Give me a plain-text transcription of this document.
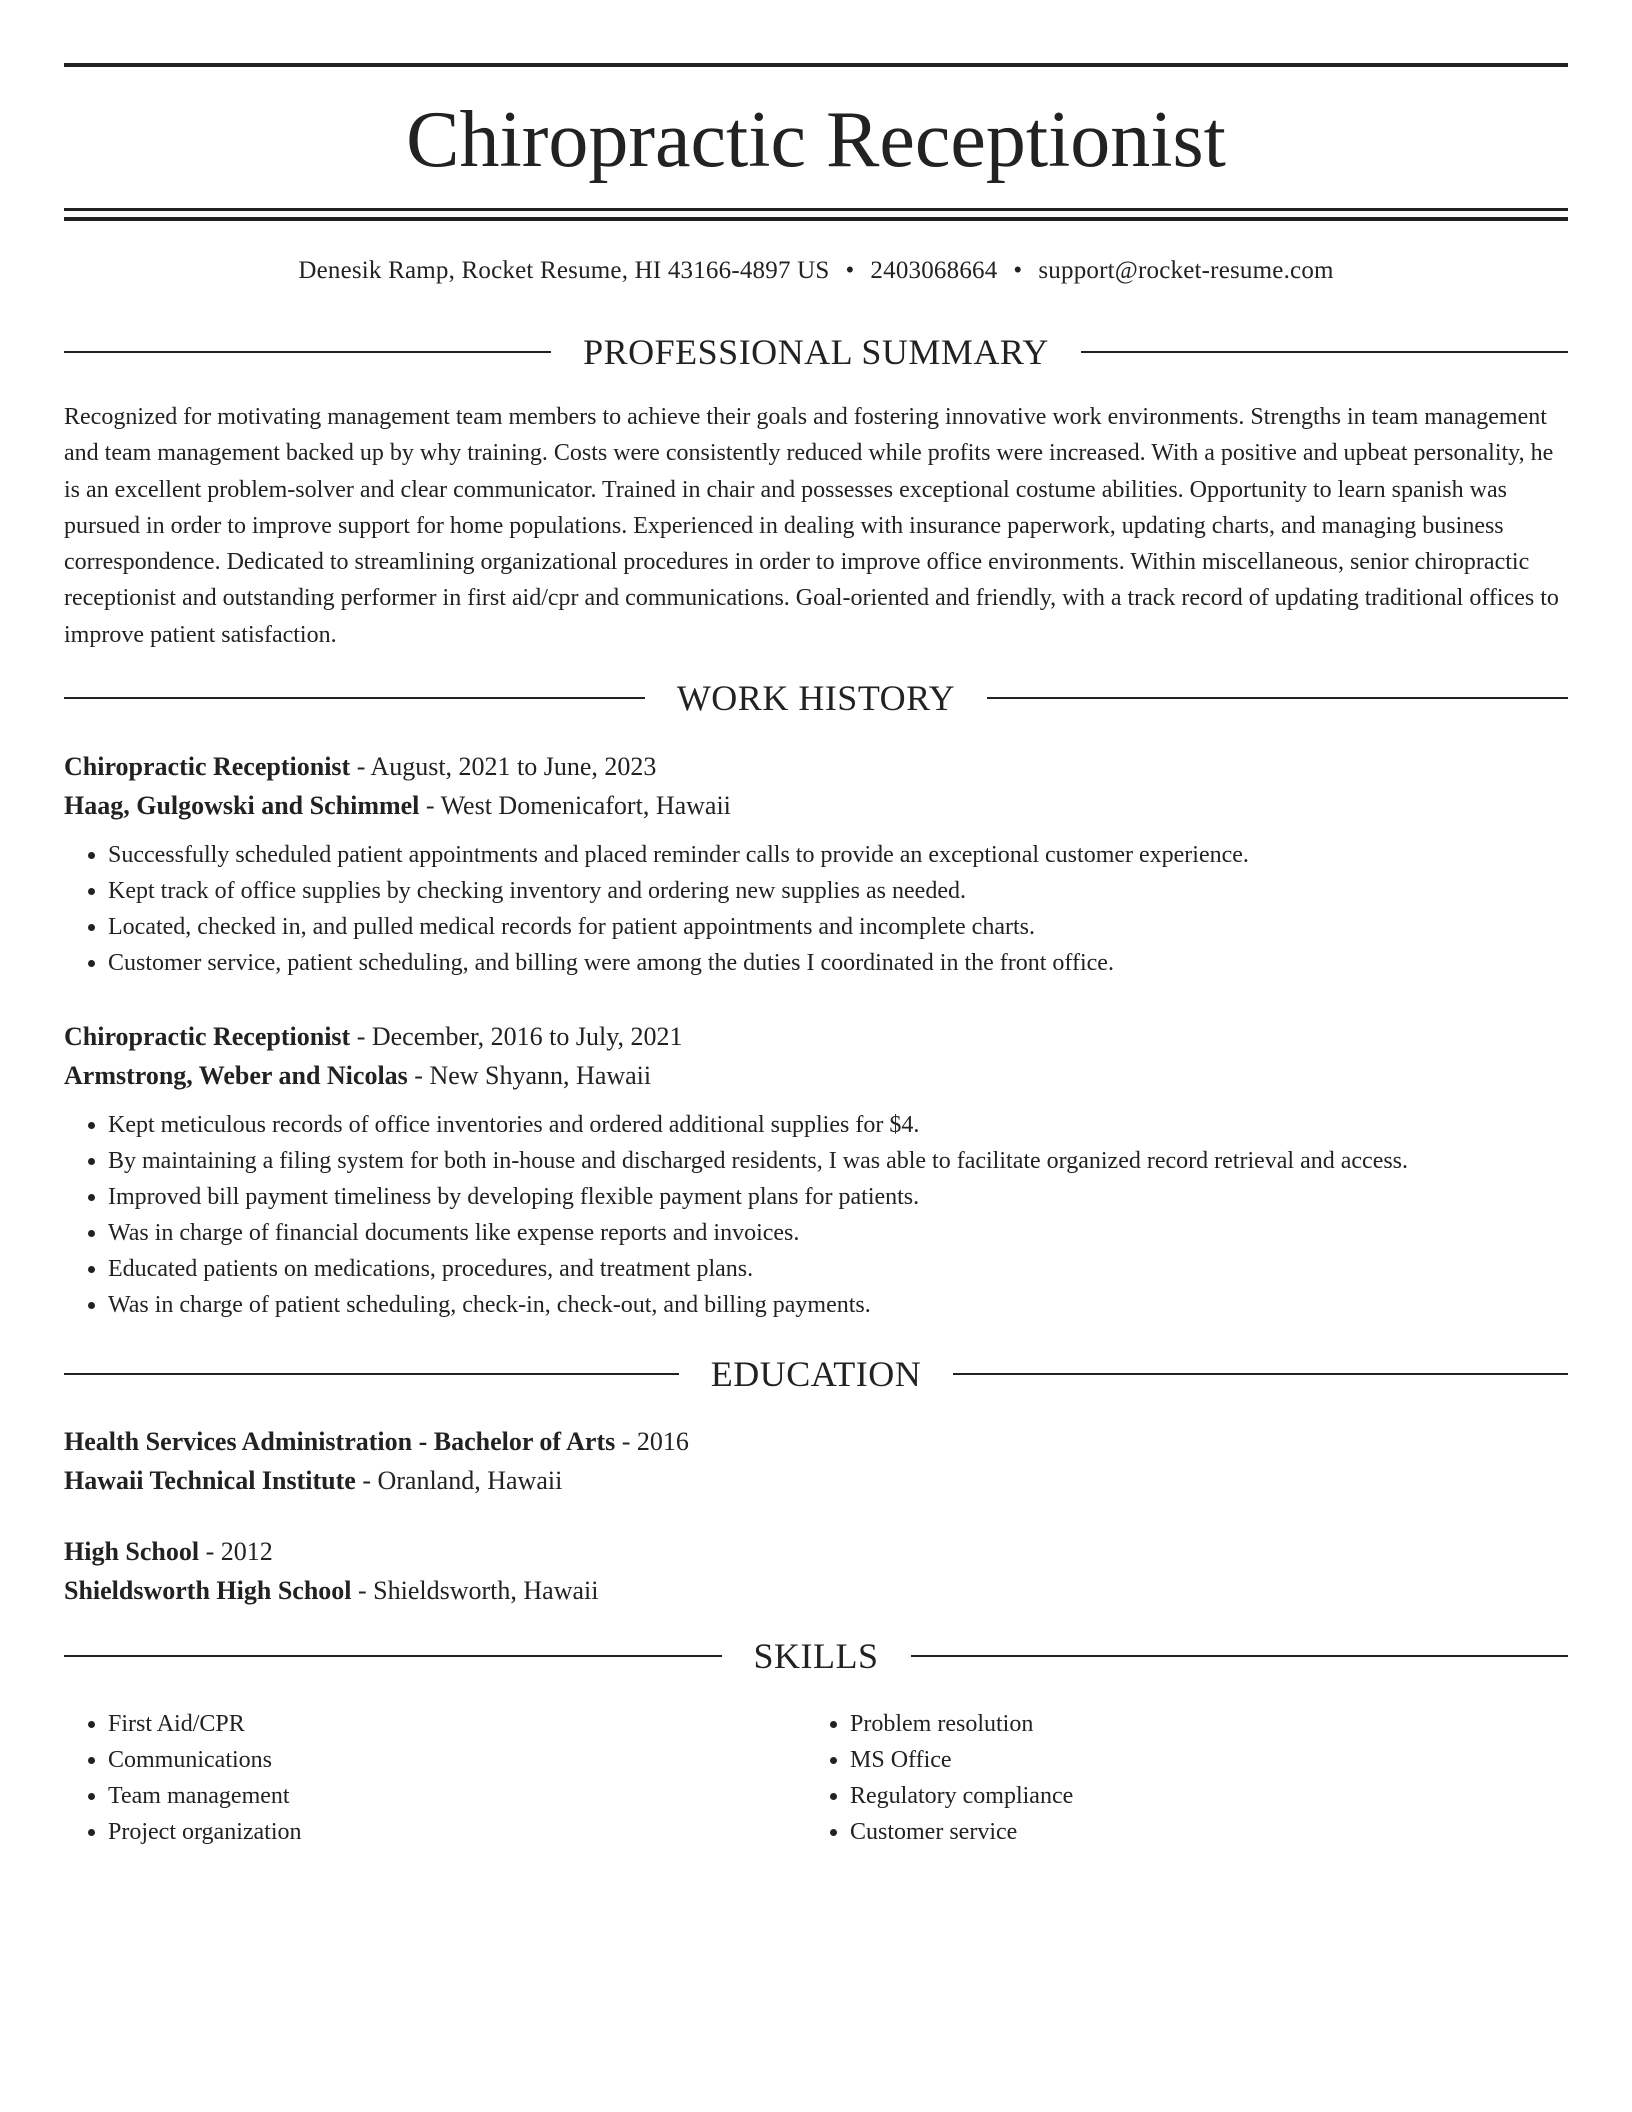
Chiropractic Receptionist
Denesik Ramp, Rocket Resume, HI 43166-4897 US • 2403068664 • support@rocket-resume.com
PROFESSIONAL SUMMARY

Recognized for motivating management team members to achieve their goals and fostering innovative work environments. Strengths in team management and team management backed up by why training. Costs were consistently reduced while profits were increased. With a positive and upbeat personality, he is an excellent problem-solver and clear communicator. Trained in chair and possesses exceptional costume abilities. Opportunity to learn spanish was pursued in order to improve support for home populations. Experienced in dealing with insurance paperwork, updating charts, and managing business correspondence. Dedicated to streamlining organizational procedures in order to improve office environments. Within miscellaneous, senior chiropractic receptionist and outstanding performer in first aid/cpr and communications. Goal-oriented and friendly, with a track record of updating traditional offices to improve patient satisfaction.

WORK HISTORY
Chiropractic Receptionist - August, 2021 to June, 2023
Haag, Gulgowski and Schimmel - West Domenicafort, Hawaii
• Successfully scheduled patient appointments and placed reminder calls to provide an exceptional customer experience.
• Kept track of office supplies by checking inventory and ordering new supplies as needed.
• Located, checked in, and pulled medical records for patient appointments and incomplete charts.
• Customer service, patient scheduling, and billing were among the duties I coordinated in the front office.
Chiropractic Receptionist - December, 2016 to July, 2021
Armstrong, Weber and Nicolas - New Shyann, Hawaii
• Kept meticulous records of office inventories and ordered additional supplies for $4.
• By maintaining a filing system for both in-house and discharged residents, I was able to facilitate organized record retrieval and access.
• Improved bill payment timeliness by developing flexible payment plans for patients.
• Was in charge of financial documents like expense reports and invoices.
• Educated patients on medications, procedures, and treatment plans.
• Was in charge of patient scheduling, check-in, check-out, and billing payments.
EDUCATION
Health Services Administration - Bachelor of Arts - 2016
Hawaii Technical Institute - Oranland, Hawaii
High School - 2012
Shieldsworth High School - Shieldsworth, Hawaii
SKILLS
• First Aid/CPR
• Communications
• Team management
• Project organization
• Problem resolution
• MS Office
• Regulatory compliance
• Customer service
